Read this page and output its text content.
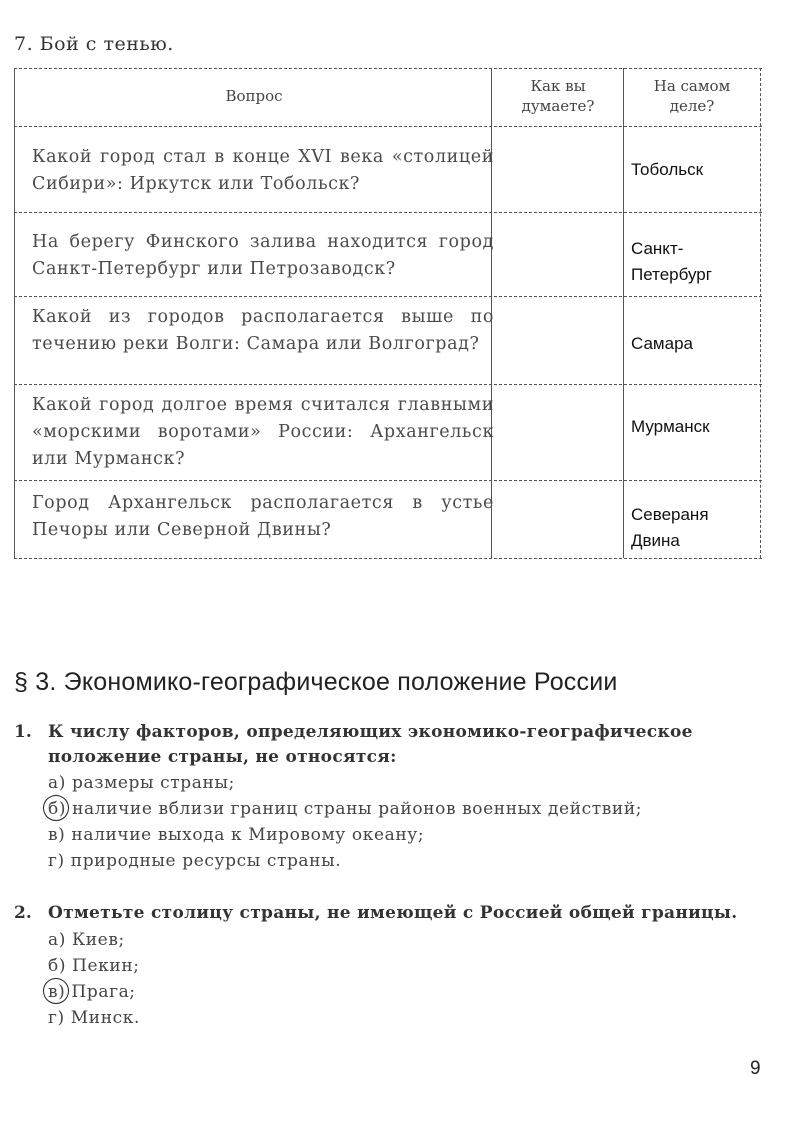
7. Бой с тенью.
Вопрос
Как вы
думаете?
На самом
деле?
Какой город стал в конце XVI века «столицей Сибири»: Иркутск или Тобольск?
Тобольск
На берегу Финского залива находится город Санкт-Петербург или Петрозаводск?
Санкт-
Петербург
Какой из городов располагается выше по течению реки Волги: Самара или Волгоград?	Самара
Какой город долгое время считался главными «морскими воротами» России: Архангельск или Мурманск?
Мурманск
Город Архангельск располагается в устье Печоры или Северной Двины?
Севераня
Двина
§ 3. Экономико-географическое положение России
1. К числу факторов, определяющих экономико-географическое положение страны, не относятся:
а) размеры страны;
б) наличие вблизи границ страны районов военных действий;
в) наличие выхода к Мировому океану;
г) природные ресурсы страны.
2. Отметьте столицу страны, не имеющей с Россией общей границы.
а) Киев;
б) Пекин;
в) Прага;
г) Минск.
9
